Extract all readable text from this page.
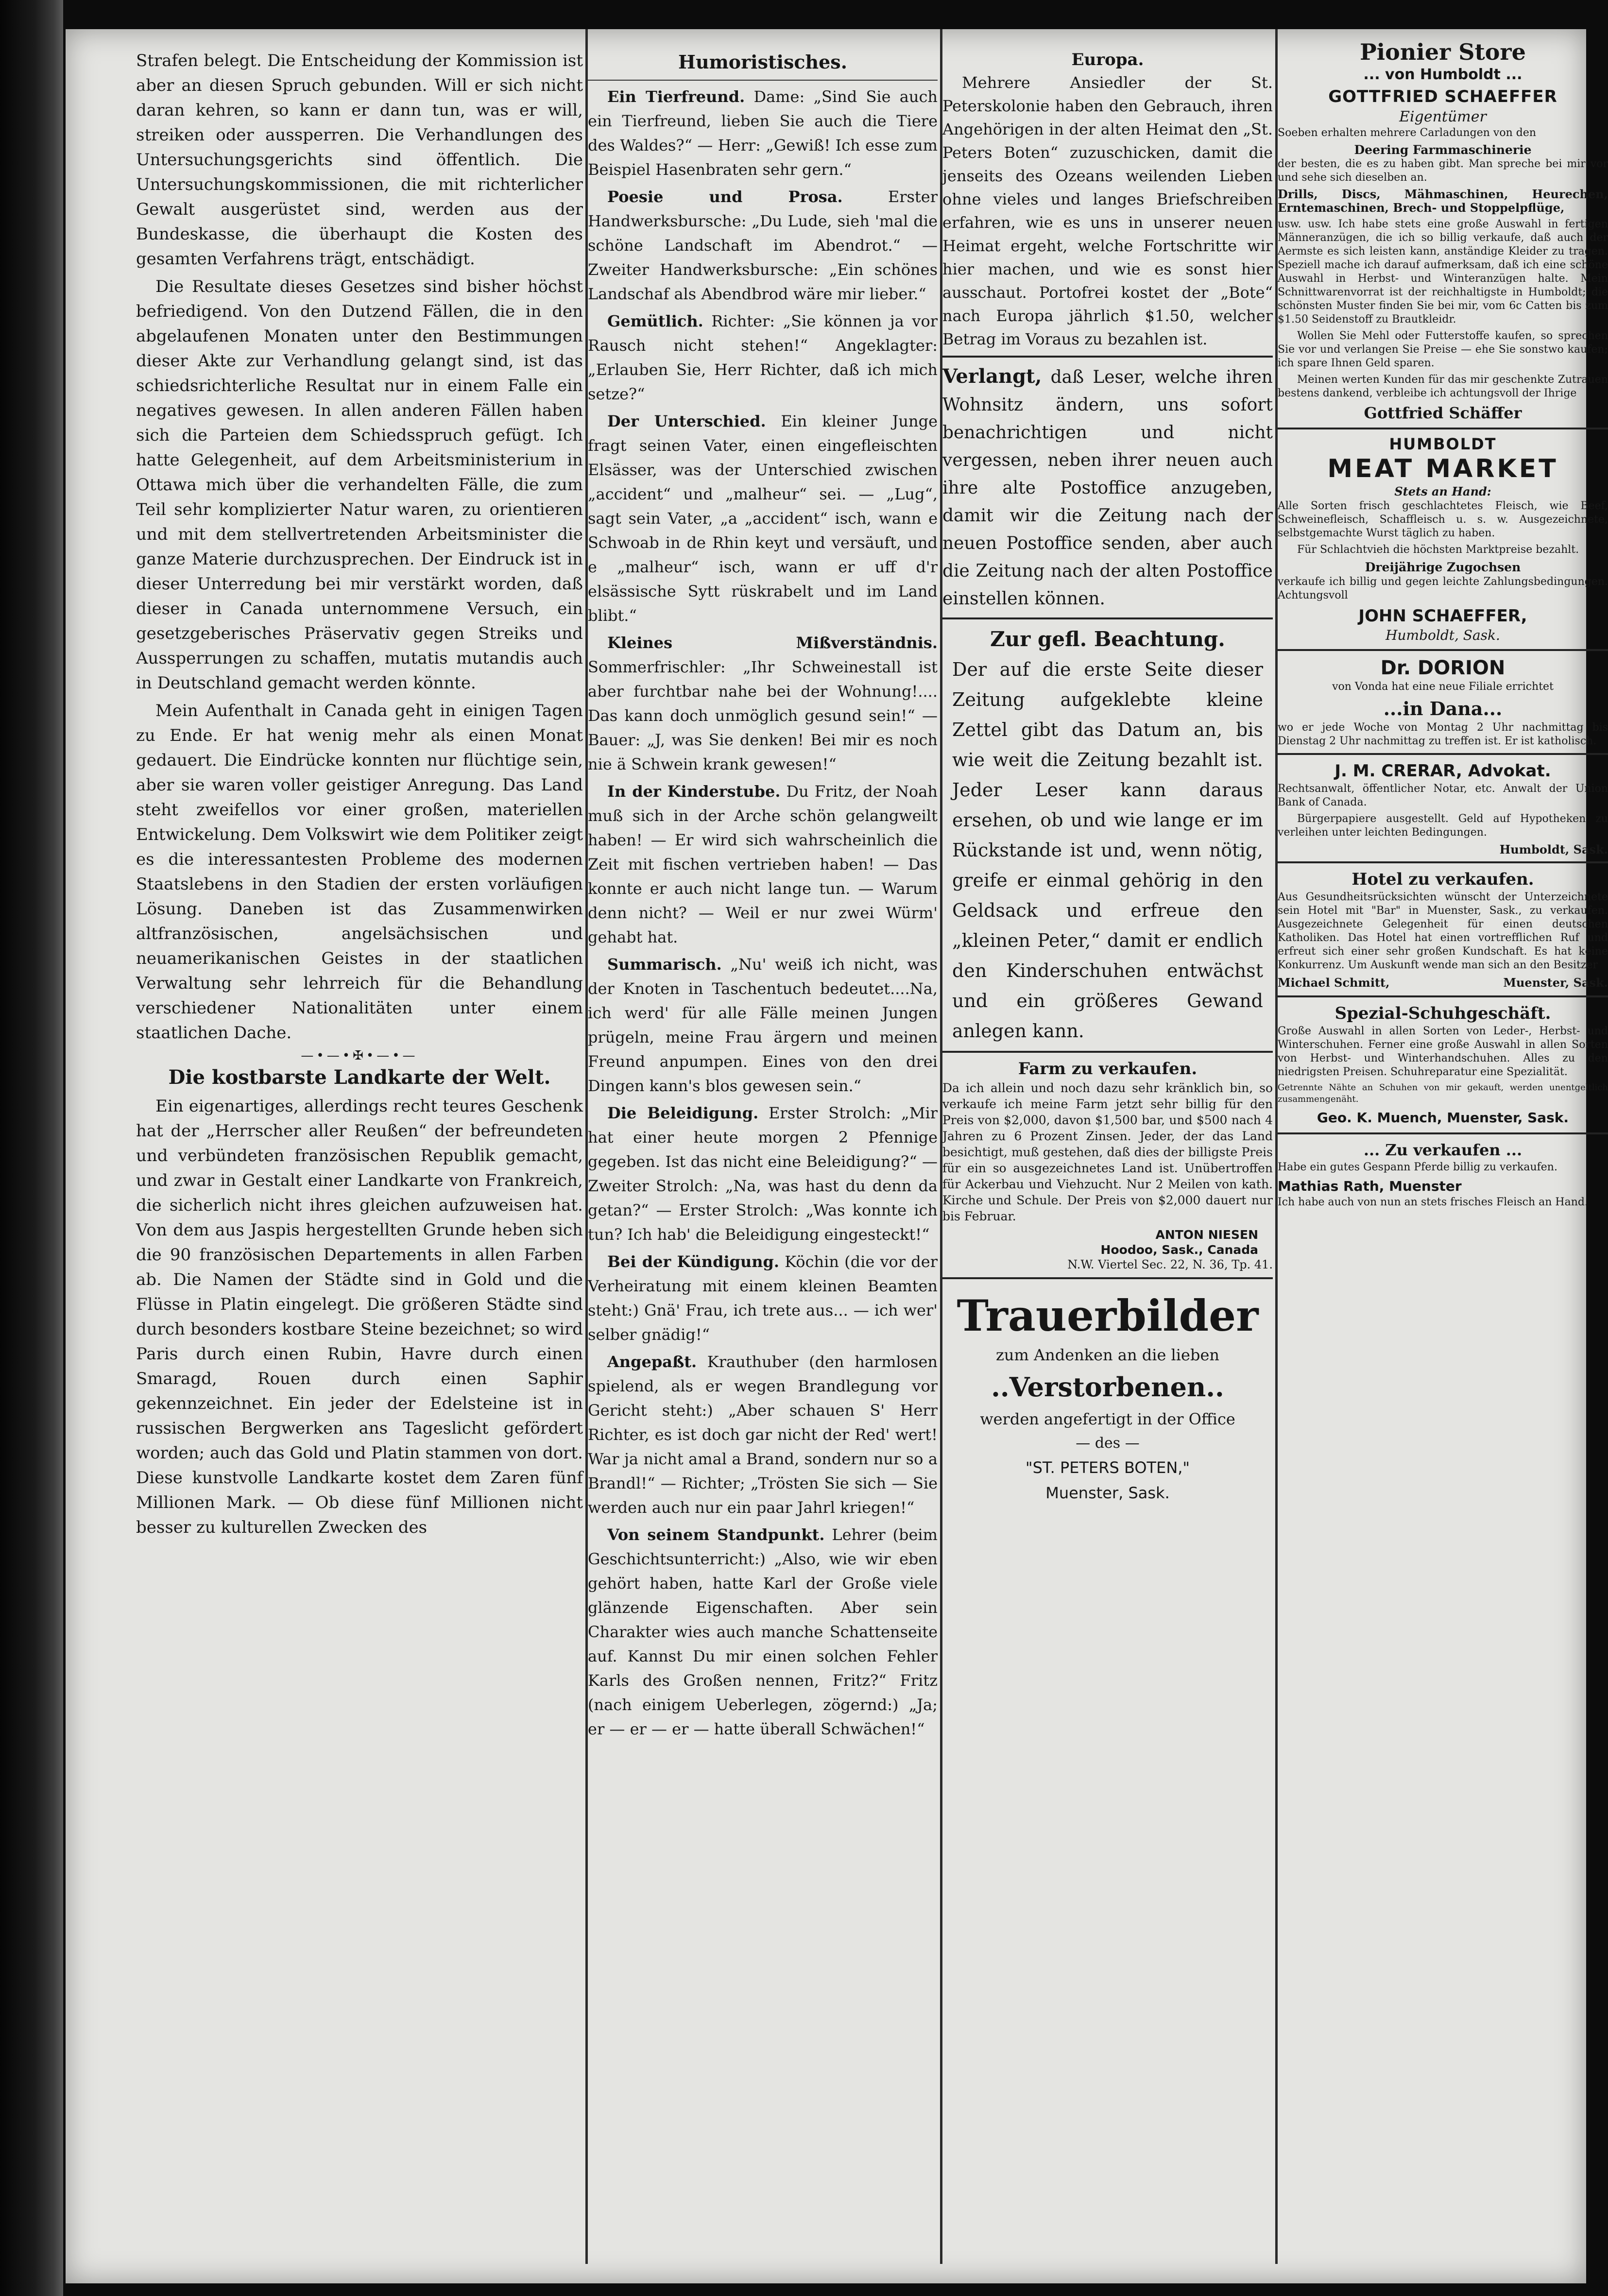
Strafen belegt. Die Entscheidung der Kommission ist aber an diesen Spruch gebunden. Will er sich nicht daran kehren, so kann er dann tun, was er will, streiken oder aussperren. Die Verhandlungen des Untersuchungsgerichts sind öffentlich. Die Untersuchungskommissionen, die mit richterlicher Gewalt ausgerüstet sind, werden aus der Bundeskasse, die überhaupt die Kosten des gesamten Verfahrens trägt, entschädigt.

Die Resultate dieses Gesetzes sind bisher höchst befriedigend. Von den Dutzend Fällen, die in den abgelaufenen Monaten unter den Bestimmungen dieser Akte zur Verhandlung gelangt sind, ist das schiedsrichterliche Resultat nur in einem Falle ein negatives gewesen. In allen anderen Fällen haben sich die Parteien dem Schiedsspruch gefügt. Ich hatte Gelegenheit, auf dem Arbeitsministerium in Ottawa mich über die verhandelten Fälle, die zum Teil sehr komplizierter Natur waren, zu orientieren und mit dem stellvertretenden Arbeitsminister die ganze Materie durchzusprechen. Der Eindruck ist in dieser Unterredung bei mir verstärkt worden, daß dieser in Canada unternommene Versuch, ein gesetzgeberisches Präservativ gegen Streiks und Aussperrungen zu schaffen, mutatis mutandis auch in Deutschland gemacht werden könnte.

Mein Aufenthalt in Canada geht in einigen Tagen zu Ende. Er hat wenig mehr als einen Monat gedauert. Die Eindrücke konnten nur flüchtige sein, aber sie waren voller geistiger Anregung. Das Land steht zweifellos vor einer großen, materiellen Entwickelung. Dem Volkswirt wie dem Politiker zeigt es die interessantesten Probleme des modernen Staatslebens in den Stadien der ersten vorläufigen Lösung. Daneben ist das Zusammenwirken altfranzösischen, angelsächsischen und neuamerikanischen Geistes in der staatlichen Verwaltung sehr lehrreich für die Behandlung verschiedener Nationalitäten unter einem staatlichen Dache.

—•—•✠•—•—
Die kostbarste Landkarte der Welt.

Ein eigenartiges, allerdings recht teures Geschenk hat der „Herrscher aller Reußen“ der befreundeten und verbündeten französischen Republik gemacht, und zwar in Gestalt einer Landkarte von Frankreich, die sicherlich nicht ihres gleichen aufzuweisen hat. Von dem aus Jaspis hergestellten Grunde heben sich die 90 französischen Departements in allen Farben ab. Die Namen der Städte sind in Gold und die Flüsse in Platin eingelegt. Die größeren Städte sind durch besonders kostbare Steine bezeichnet; so wird Paris durch einen Rubin, Havre durch einen Smaragd, Rouen durch einen Saphir gekennzeichnet. Ein jeder der Edelsteine ist in russischen Bergwerken ans Tageslicht gefördert worden; auch das Gold und Platin stammen von dort. Diese kunstvolle Landkarte kostet dem Zaren fünf Millionen Mark. — Ob diese fünf Millionen nicht besser zu kulturellen Zwecken des

Humoristisches.

Ein Tierfreund. Dame: „Sind Sie auch ein Tierfreund, lieben Sie auch die Tiere des Waldes?“ — Herr: „Gewiß! Ich esse zum Beispiel Hasenbraten sehr gern.“

Poesie und Prosa.	Erster Handwerksbursche: „Du Lude, sieh 'mal die schöne Landschaft im Abendrot.“ — Zweiter Handwerksbursche: „Ein schönes Landschaf als Abendbrod wäre mir lieber.“

Gemütlich. Richter: „Sie können ja vor Rausch nicht stehen!“ Angeklagter: „Erlauben Sie, Herr Richter, daß ich mich setze?“

Der Unterschied. Ein kleiner Junge fragt seinen Vater, einen eingefleischten Elsässer, was der Unterschied zwischen „accident“ und „malheur“ sei. — „Lug“, sagt sein Vater, „a „accident“ isch, wann e Schwoab in de Rhin keyt und versäuft, und e „malheur“ isch, wann er uff d'r elsässische Sytt rüskrabelt und im Land blibt.“

Kleines Mißverständnis. Sommerfrischler: „Ihr Schweinestall ist aber furchtbar nahe bei der Wohnung!.... Das kann doch unmöglich gesund sein!“ — Bauer: „J, was Sie denken! Bei mir es noch nie ä Schwein krank gewesen!“

In der Kinderstube. Du Fritz, der Noah muß sich in der Arche schön gelangweilt haben! — Er wird sich wahrscheinlich die Zeit mit fischen vertrieben haben! — Das konnte er auch nicht lange tun. — Warum denn nicht? — Weil er nur zwei Würm' gehabt hat.

Summarisch. „Nu' weiß ich nicht, was der Knoten in Taschentuch bedeutet....Na, ich werd' für alle Fälle meinen Jungen prügeln, meine Frau ärgern und meinen Freund anpumpen. Eines von den drei Dingen kann's blos gewesen sein.“

Die Beleidigung. Erster Strolch: „Mir hat einer heute morgen 2 Pfennige gegeben. Ist das nicht eine Beleidigung?“ — Zweiter Strolch: „Na, was hast du denn da getan?“ — Erster Strolch: „Was konnte ich tun? Ich hab' die Beleidigung eingesteckt!“

Bei der Kündigung. Köchin (die vor der Verheiratung mit einem kleinen Beamten steht:) Gnä' Frau, ich trete aus... — ich wer' selber gnädig!“

Angepaßt. Krauthuber (den harmlosen spielend, als er wegen Brandlegung vor Gericht steht:) „Aber schauen S' Herr Richter, es ist doch gar nicht der Red' wert! War ja nicht amal a Brand, sondern nur so a Brandl!“ — Richter; „Trösten Sie sich — Sie werden auch nur ein paar Jahrl kriegen!“

Von seinem Standpunkt. Lehrer (beim Geschichtsunterricht:) „Also, wie wir eben gehört haben, hatte Karl der Große viele glänzende Eigenschaften. Aber sein Charakter wies auch manche Schattenseite auf. Kannst Du mir einen solchen Fehler Karls des Großen nennen, Fritz?“ Fritz (nach einigem Ueberlegen, zögernd:) „Ja; er — er — er — hatte überall Schwächen!“

Europa.

Mehrere Ansiedler der St. Peterskolonie haben den Gebrauch, ihren Angehörigen in der alten Heimat den „St. Peters Boten“ zuzuschicken, damit die jenseits des Ozeans weilenden Lieben ohne vieles und langes Briefschreiben erfahren, wie es uns in unserer neuen Heimat ergeht, welche Fortschritte wir hier machen, und wie es sonst hier ausschaut. Portofrei kostet der „Bote“ nach Europa jährlich $1.50, welcher Betrag im Voraus zu bezahlen ist.

Verlangt, daß Leser, welche ihren Wohnsitz ändern, uns sofort benachrichtigen und nicht vergessen, neben ihrer neuen auch ihre alte Postoffice anzugeben, damit wir die Zeitung nach der neuen Postoffice senden, aber auch die Zeitung nach der alten Postoffice einstellen können.

Zur gefl. Beachtung.

Der auf die erste Seite dieser Zeitung aufgeklebte kleine Zettel gibt das Datum an, bis wie weit die Zeitung bezahlt ist. Jeder Leser kann daraus ersehen, ob und wie lange er im Rückstande ist und, wenn nötig, greife er einmal gehörig in den Geldsack und erfreue den „kleinen Peter,“ damit er endlich den Kinderschuhen entwächst und ein größeres Gewand anlegen kann.

Farm zu verkaufen.

Da ich allein und noch dazu sehr kränklich bin, so verkaufe ich meine Farm jetzt sehr billig für den Preis von $2,000, davon $1,500 bar, und $500 nach 4 Jahren zu 6 Prozent Zinsen. Jeder, der das Land besichtigt, muß gestehen, daß dies der billigste Preis für ein so ausgezeichnetes Land ist. Unübertroffen für Ackerbau und Viehzucht. Nur 2 Meilen von kath. Kirche und Schule. Der Preis von $2,000 dauert nur bis Februar.

ANTON NIESEN
Hoodoo, Sask., Canada
N.W. Viertel Sec. 22, N. 36, Tp. 41.
Trauerbilder
zum Andenken an die lieben
..Verstorbenen..
werden angefertigt in der Office
— des —
"ST. PETERS BOTEN,"
Muenster, Sask.
Pionier Store
... von Humboldt ...
GOTTFRIED SCHAEFFER
Eigentümer

Soeben erhalten mehrere Carladungen von den

Deering Farmmaschinerie

der besten, die es zu haben gibt. Man spreche bei mir vor und sehe sich dieselben an.

Drills, Discs, Mähmaschinen, Heurechen, Erntemaschinen, Brech- und Stoppelpflüge,

usw. usw. Ich habe stets eine große Auswahl in fertigen Männeranzügen, die ich so billig verkaufe, daß auch der Aermste es sich leisten kann, anständige Kleider zu tragen. Speziell mache ich darauf aufmerksam, daß ich eine schöne Auswahl in Herbst- und Winteranzügen halte. Mein Schnittwarenvorrat ist der reichhaltigste in Humboldt; die schönsten Muster finden Sie bei mir, vom 6c Catten bis zum $1.50 Seidenstoff zu Brautkleidr.

Wollen Sie Mehl oder Futterstoffe kaufen, so sprechen Sie vor und verlangen Sie Preise — ehe Sie sonstwo kaufen; ich spare Ihnen Geld sparen.

Meinen werten Kunden für das mir geschenkte Zutrauen bestens dankend, verbleibe ich achtungsvoll der Ihrige

Gottfried Schäffer
HUMBOLDT
MEAT MARKET
Stets an Hand:

Alle Sorten frisch geschlachtetes Fleisch, wie Beef, Schweinefleisch, Schaffleisch u. s. w. Ausgezeichnete, selbstgemachte Wurst täglich zu haben.

Für Schlachtvieh die höchsten Marktpreise bezahlt.

Dreijährige Zugochsen

verkaufe ich billig und gegen leichte Zahlungsbedingungen. Achtungsvoll

JOHN SCHAEFFER,
Humboldt, Sask.
Dr. DORION

von Vonda hat eine neue Filiale errichtet

...in Dana...

wo er jede Woche von Montag 2 Uhr nachmittag bis Dienstag 2 Uhr nachmittag zu treffen ist. Er ist katholisch.

J. M. CRERAR, Advokat.

Rechtsanwalt, öffentlicher Notar, etc. Anwalt der Union Bank of Canada.

Bürgerpapiere ausgestellt. Geld auf Hypotheken zu verleihen unter leichten Bedingungen.

Humboldt, Sask.
Hotel zu verkaufen.

Aus Gesundheitsrücksichten wünscht der Unterzeichnete sein Hotel mit "Bar" in Muenster, Sask., zu verkaufen. Ausgezeichnete Gelegenheit für einen deutschen Katholiken. Das Hotel hat einen vortrefflichen Ruf und erfreut sich einer sehr großen Kundschaft. Es hat keine Konkurrenz. Um Auskunft wende man sich an den Besitzer

Michael Schmitt,	Muenster, Sask.
Spezial-Schuhgeschäft.

Große Auswahl in allen Sorten von Leder-, Herbst- und Winterschuhen. Ferner eine große Auswahl in allen Sorten von Herbst- und Winterhandschuhen. Alles zu den niedrigsten Preisen. Schuhreparatur eine Spezialität.

Getrennte Nähte an Schuhen von mir gekauft, werden unentgeltlich zusammengenäht.

Geo. K. Muench, Muenster, Sask.
... Zu verkaufen ...

Habe ein gutes Gespann Pferde billig zu verkaufen.

Mathias Rath, Muenster

Ich habe auch von nun an stets frisches Fleisch an Hand.
